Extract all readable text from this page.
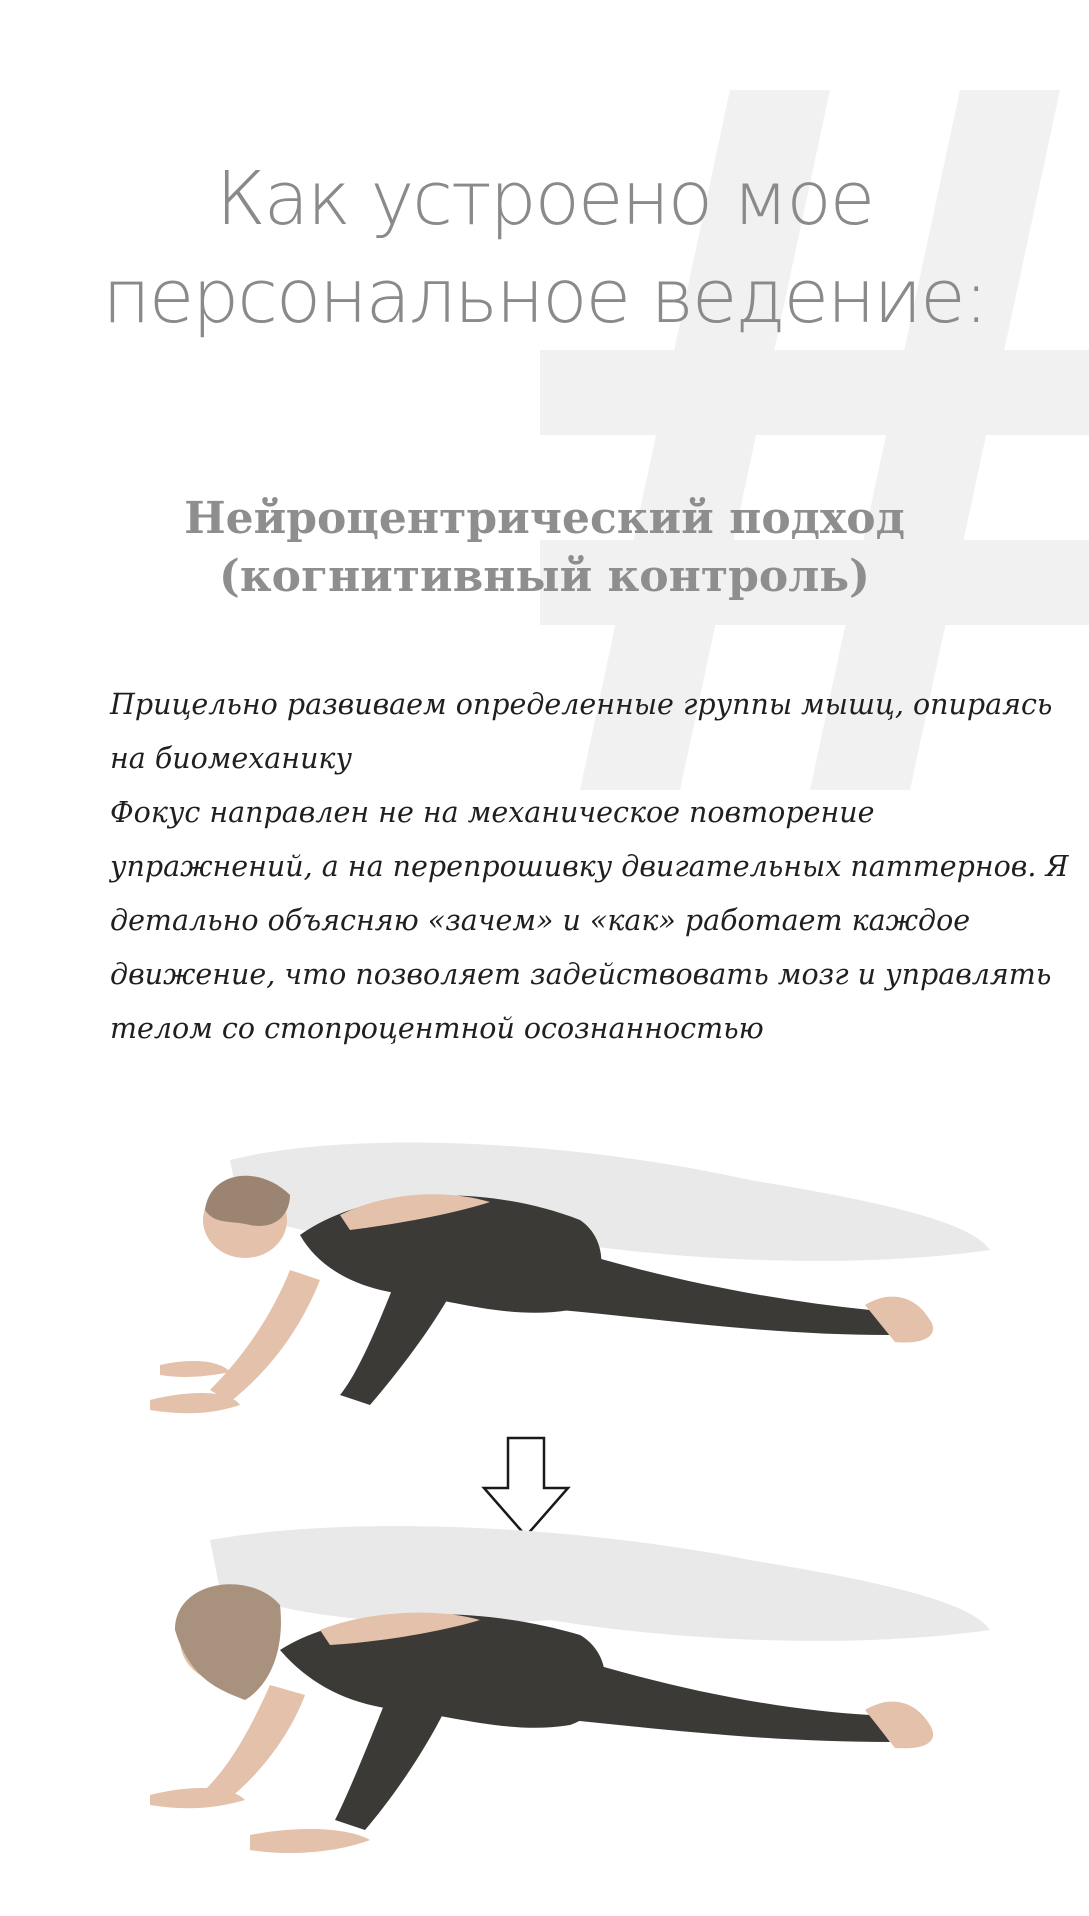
Как устроено мое
персональное ведение:
Нейроцентрический подход
(когнитивный контроль)
Прицельно развиваем определенные группы мышц, опираясь
на биомеханику
Фокус направлен не на механическое повторение
упражнений, а на перепрошивку двигательных паттернов. Я
детально объясняю «зачем» и «как» работает каждое
движение, что позволяет задействовать мозг и управлять
телом со стопроцентной осознанностью
